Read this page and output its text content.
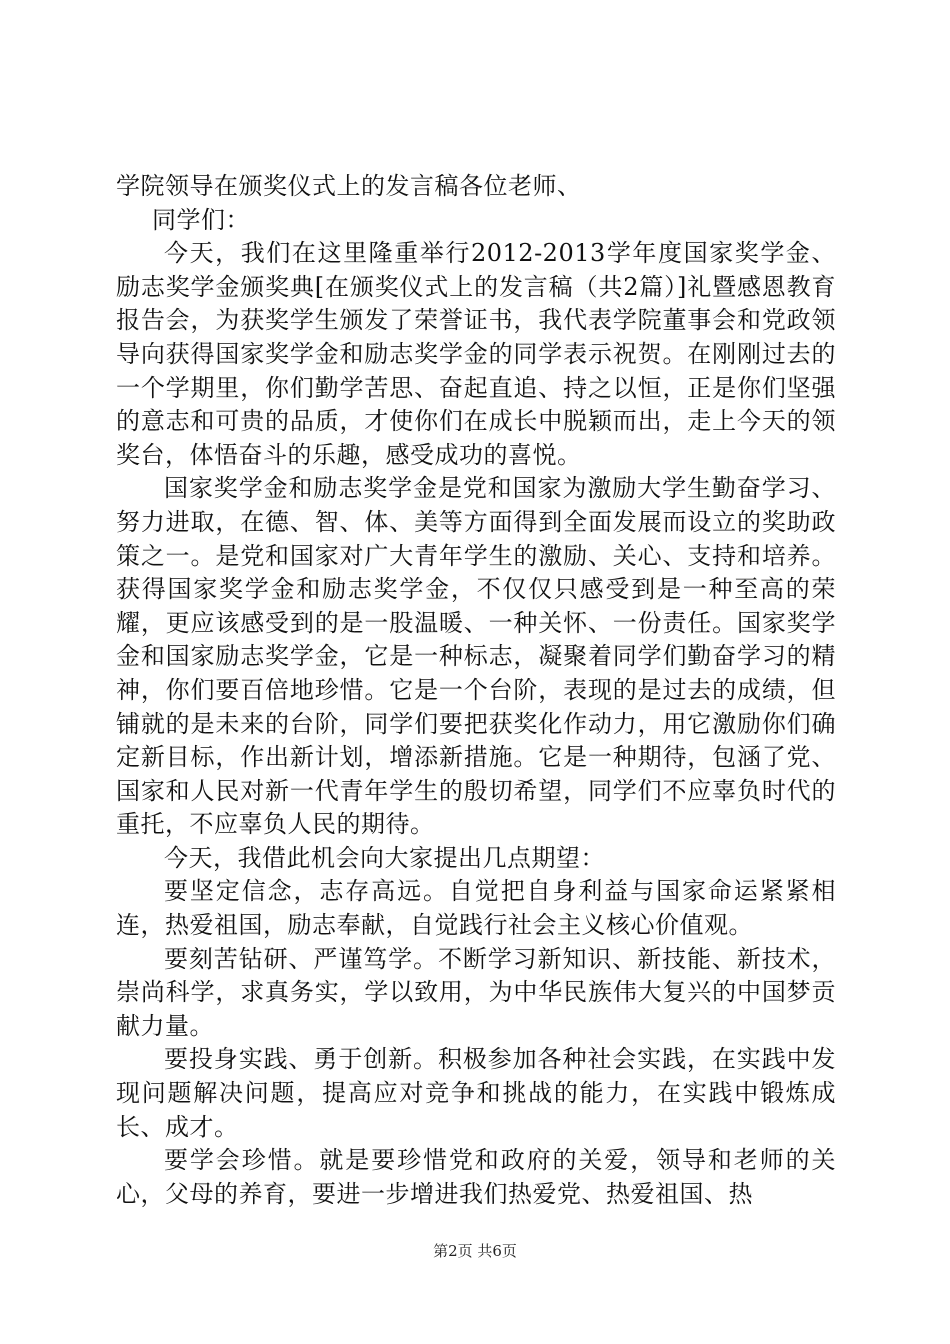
学院领导在颁奖仪式上的发言稿各位老师、

同学们：

今天，我们在这里隆重举行2012-2013学年度国家奖学金、励志奖学金颁奖典[在颁奖仪式上的发言稿（共2篇）]礼暨感恩教育报告会，为获奖学生颁发了荣誉证书，我代表学院董事会和党政领导向获得国家奖学金和励志奖学金的同学表示祝贺。在刚刚过去的一个学期里，你们勤学苦思、奋起直追、持之以恒，正是你们坚强的意志和可贵的品质，才使你们在成长中脱颖而出，走上今天的领奖台，体悟奋斗的乐趣，感受成功的喜悦。

国家奖学金和励志奖学金是党和国家为激励大学生勤奋学习、努力进取，在德、智、体、美等方面得到全面发展而设立的奖助政策之一。是党和国家对广大青年学生的激励、关心、支持和培养。获得国家奖学金和励志奖学金，不仅仅只感受到是一种至高的荣耀，更应该感受到的是一股温暖、一种关怀、一份责任。国家奖学金和国家励志奖学金，它是一种标志，凝聚着同学们勤奋学习的精神，你们要百倍地珍惜。它是一个台阶，表现的是过去的成绩，但铺就的是未来的台阶，同学们要把获奖化作动力，用它激励你们确定新目标，作出新计划，增添新措施。它是一种期待，包涵了党、国家和人民对新一代青年学生的殷切希望，同学们不应辜负时代的重托，不应辜负人民的期待。

今天，我借此机会向大家提出几点期望：

要坚定信念，志存高远。自觉把自身利益与国家命运紧紧相连，热爱祖国，励志奉献，自觉践行社会主义核心价值观。

要刻苦钻研、严谨笃学。不断学习新知识、新技能、新技术，崇尚科学，求真务实，学以致用，为中华民族伟大复兴的中国梦贡献力量。

要投身实践、勇于创新。积极参加各种社会实践，在实践中发现问题解决问题，提高应对竞争和挑战的能力，在实践中锻炼成长、成才。

要学会珍惜。就是要珍惜党和政府的关爱，领导和老师的关心，父母的养育，要进一步增进我们热爱党、热爱祖国、热

第2页 共6页
